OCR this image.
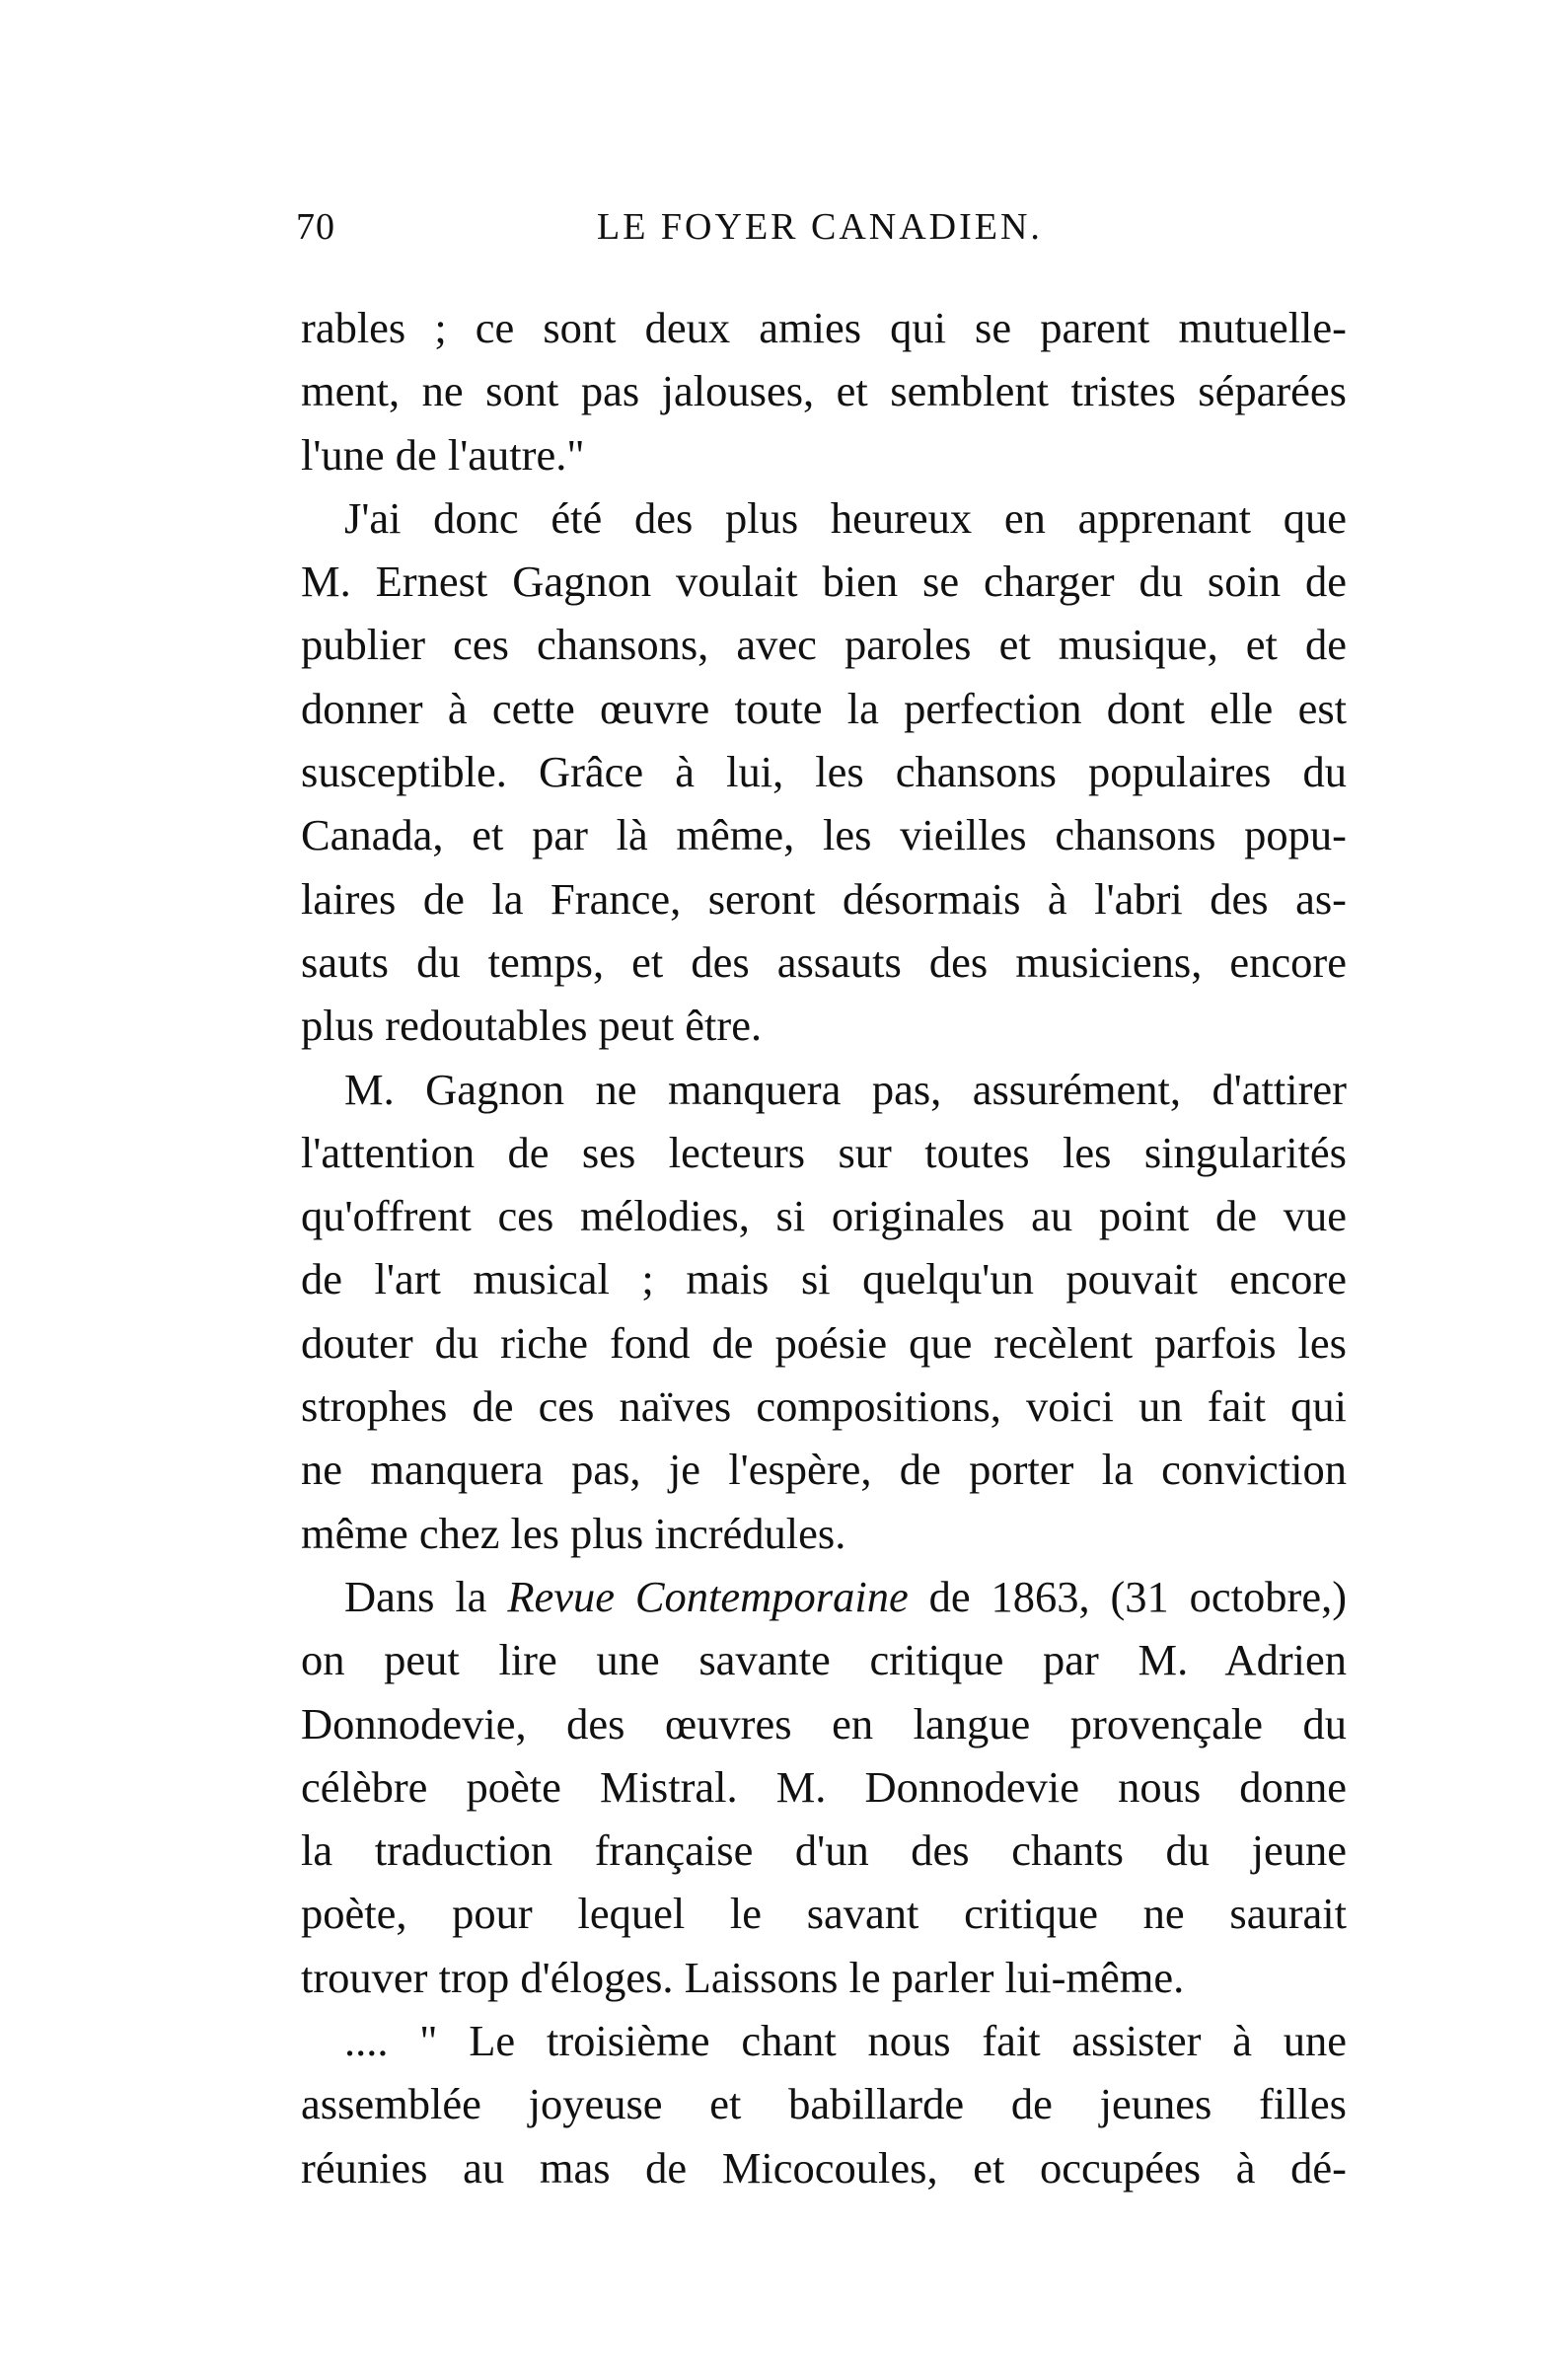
70	LE FOYER CANADIEN.
rables ; ce sont deux amies qui se parent mutuelle-
ment, ne sont pas jalouses, et semblent tristes séparées
l'une de l'autre."
J'ai donc été des plus heureux en apprenant que
M. Ernest Gagnon voulait bien se charger du soin de
publier ces chansons, avec paroles et musique, et de
donner à cette œuvre toute la perfection dont elle est
susceptible. Grâce à lui, les chansons populaires du
Canada, et par là même, les vieilles chansons popu-
laires de la France, seront désormais à l'abri des as-
sauts du temps, et des assauts des musiciens, encore
plus redoutables peut être.
M. Gagnon ne manquera pas, assurément, d'attirer
l'attention de ses lecteurs sur toutes les singularités
qu'offrent ces mélodies, si originales au point de vue
de l'art musical ; mais si quelqu'un pouvait encore
douter du riche fond de poésie que recèlent parfois les
strophes de ces naïves compositions, voici un fait qui
ne manquera pas, je l'espère, de porter la conviction
même chez les plus incrédules.
Dans la Revue Contemporaine de 1863, (31 octobre,)
on peut lire une savante critique par M. Adrien
Donnodevie, des œuvres en langue provençale du
célèbre poète Mistral. M. Donnodevie nous donne
la traduction française d'un des chants du jeune
poète, pour lequel le savant critique ne saurait
trouver trop d'éloges. Laissons le parler lui-même.
.... " Le troisième chant nous fait assister à une
assemblée joyeuse et babillarde de jeunes filles
réunies au mas de Micocoules, et occupées à dé-
